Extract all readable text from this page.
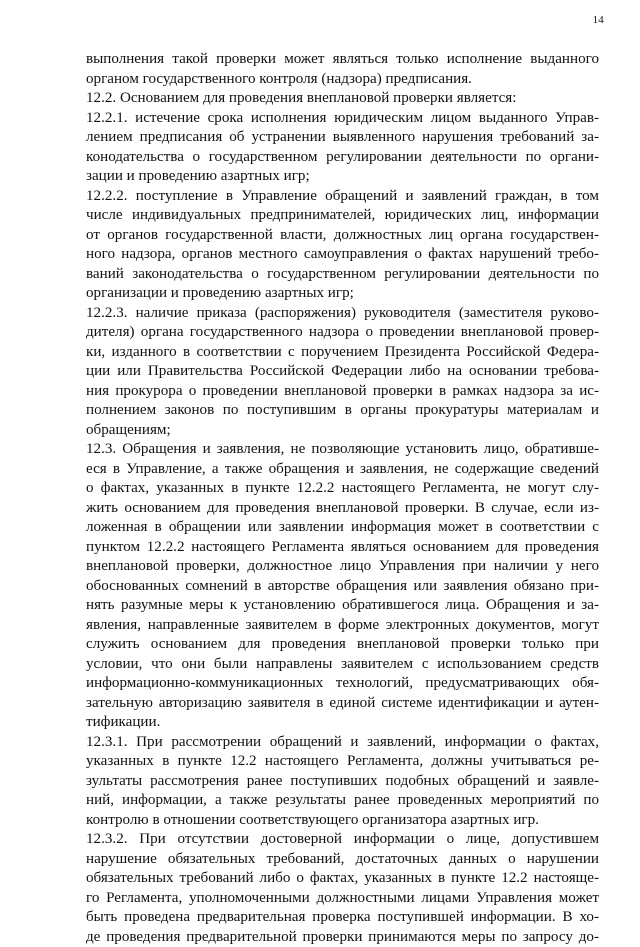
14
выполнения такой проверки может являться только исполнение выданного
органом государственного контроля (надзора) предписания.
12.2. Основанием для проведения внеплановой проверки является:
12.2.1. истечение срока исполнения юридическим лицом выданного Управ-
лением предписания об устранении выявленного нарушения требований за-
конодательства о государственном регулировании деятельности по органи-
зации и проведению азартных игр;
12.2.2. поступление в Управление обращений и заявлений граждан, в том
числе индивидуальных предпринимателей, юридических лиц, информации
от органов государственной власти, должностных лиц органа государствен-
ного надзора, органов местного самоуправления о фактах нарушений требо-
ваний законодательства о государственном регулировании деятельности по
организации и проведению азартных игр;
12.2.3. наличие приказа (распоряжения) руководителя (заместителя руково-
дителя) органа государственного надзора о проведении внеплановой провер-
ки, изданного в соответствии с поручением Президента Российской Федера-
ции или Правительства Российской Федерации либо на основании требова-
ния прокурора о проведении внеплановой проверки в рамках надзора за ис-
полнением законов по поступившим в органы прокуратуры материалам и
обращениям;
12.3. Обращения и заявления, не позволяющие установить лицо, обративше-
еся в Управление, а также обращения и заявления, не содержащие сведений
о фактах, указанных в пункте 12.2.2 настоящего Регламента, не могут слу-
жить основанием для проведения внеплановой проверки. В случае, если из-
ложенная в обращении или заявлении информация может в соответствии с
пунктом 12.2.2 настоящего Регламента являться основанием для проведения
внеплановой проверки, должностное лицо Управления при наличии у него
обоснованных сомнений в авторстве обращения или заявления обязано при-
нять разумные меры к установлению обратившегося лица. Обращения и за-
явления, направленные заявителем в форме электронных документов, могут
служить основанием для проведения внеплановой проверки только при
условии, что они были направлены заявителем с использованием средств
информационно-коммуникационных технологий, предусматривающих обя-
зательную авторизацию заявителя в единой системе идентификации и аутен-
тификации.
12.3.1. При рассмотрении обращений и заявлений, информации о фактах,
указанных в пункте 12.2 настоящего Регламента, должны учитываться ре-
зультаты рассмотрения ранее поступивших подобных обращений и заявле-
ний, информации, а также результаты ранее проведенных мероприятий по
контролю в отношении соответствующего организатора азартных игр.
12.3.2. При отсутствии достоверной информации о лице, допустившем
нарушение обязательных требований, достаточных данных о нарушении
обязательных требований либо о фактах, указанных в пункте 12.2 настояще-
го Регламента, уполномоченными должностными лицами Управления может
быть проведена предварительная проверка поступившей информации. В хо-
де проведения предварительной проверки принимаются меры по запросу до-
